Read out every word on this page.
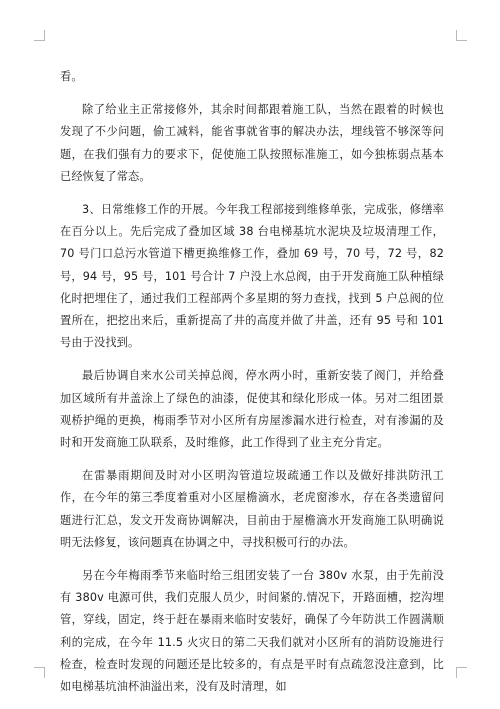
看。

除了给业主正常接修外，其余时间都跟着施工队，当然在跟着的时候也发现了不少问题，偷工减料，能省事就省事的解决办法，埋线管不够深等问题，在我们强有力的要求下，促使施工队按照标准施工，如今独栋弱点基本已经恢复了常态。

3、日常维修工作的开展。今年我工程部接到维修单张，完成张，修缮率在百分以上。先后完成了叠加区域 38 台电梯基坑水泥块及垃圾清理工作，70 号门口总污水管道下槽更换维修工作，叠加 69 号，70 号，72 号，82 号，94 号，95 号，101 号合计 7 户没上水总阀，由于开发商施工队种植绿化时把埋住了，通过我们工程部两个多星期的努力查找，找到 5 户总阀的位置所在，把挖出来后，重新提高了井的高度并做了井盖，还有 95 号和 101 号由于没找到。

最后协调自来水公司关掉总阀，停水两小时，重新安装了阀门，并给叠加区域所有井盖涂上了绿色的油漆，促使其和绿化形成一体。另对二组团景观桥护绳的更换，梅雨季节对小区所有房屋渗漏水进行检查，对有渗漏的及时和开发商施工队联系，及时维修，此工作得到了业主充分肯定。

在雷暴雨期间及时对小区明沟管道垃圾疏通工作以及做好排洪防汛工作，在今年的第三季度着重对小区屋檐滴水，老虎窗渗水，存在各类遗留问题进行汇总，发文开发商协调解决，目前由于屋檐滴水开发商施工队明确说明无法修复，该问题真在协调之中，寻找积极可行的办法。

另在今年梅雨季节来临时给三组团安装了一台 380v 水泵，由于先前没有 380v 电源可供，我们克服人员少，时间紧的.情况下，开路面槽，挖沟埋管，穿线，固定，终于赶在暴雨来临时安装好，确保了今年防洪工作圆满顺利的完成，在今年 11.5 火灾日的第二天我们就对小区所有的消防设施进行检查，检查时发现的问题还是比较多的，有点是平时有点疏忽没注意到，比如电梯基坑油杯油溢出来，没有及时清理，如
